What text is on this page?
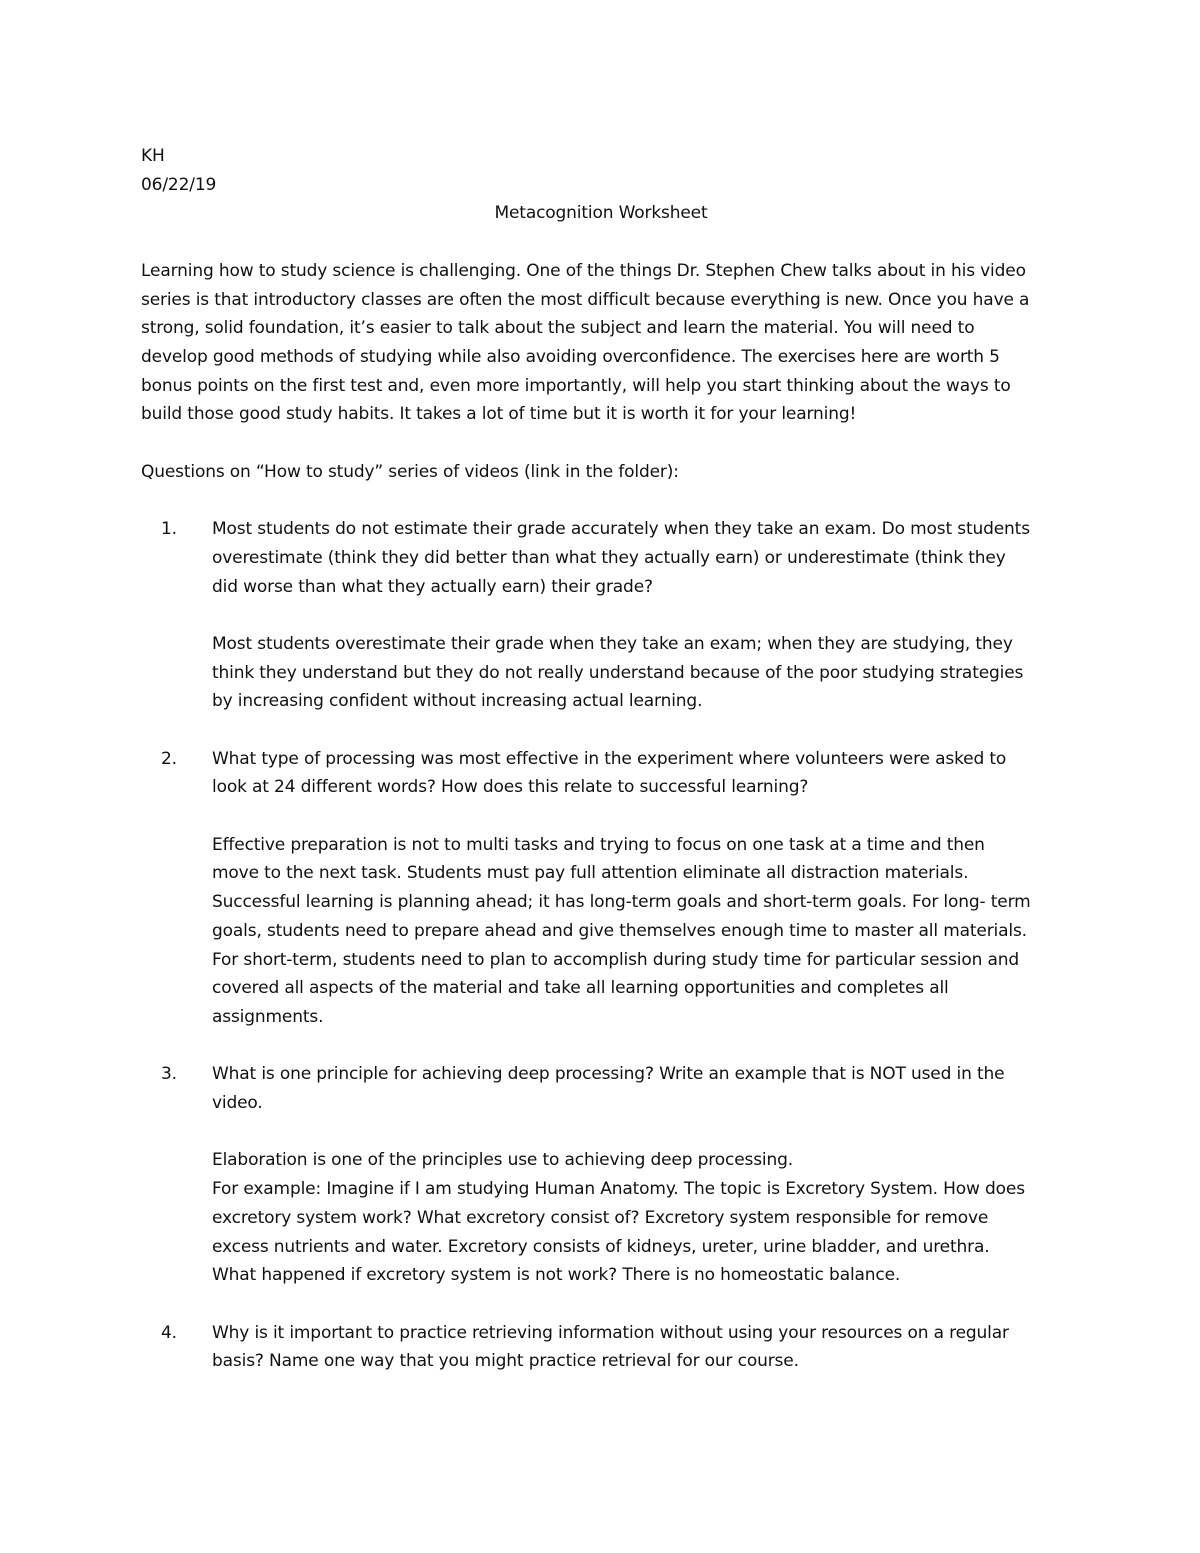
KH

06/22/19

Metacognition Worksheet

Learning how to study science is challenging. One of the things Dr. Stephen Chew talks about in his video

series is that introductory classes are often the most difficult because everything is new. Once you have a

strong, solid foundation, it’s easier to talk about the subject and learn the material. You will need to

develop good methods of studying while also avoiding overconfidence. The exercises here are worth 5

bonus points on the first test and, even more importantly, will help you start thinking about the ways to

build those good study habits. It takes a lot of time but it is worth it for your learning!

Questions on “How to study” series of videos (link in the folder):

1. Most students do not estimate their grade accurately when they take an exam. Do most students

overestimate (think they did better than what they actually earn) or underestimate (think they

did worse than what they actually earn) their grade?

Most students overestimate their grade when they take an exam; when they are studying, they

think they understand but they do not really understand because of the poor studying strategies

by increasing confident without increasing actual learning.

2. What type of processing was most effective in the experiment where volunteers were asked to

look at 24 different words? How does this relate to successful learning?

Effective preparation is not to multi tasks and trying to focus on one task at a time and then

move to the next task. Students must pay full attention eliminate all distraction materials.

Successful learning is planning ahead; it has long-term goals and short-term goals. For long- term

goals, students need to prepare ahead and give themselves enough time to master all materials.

For short-term, students need to plan to accomplish during study time for particular session and

covered all aspects of the material and take all learning opportunities and completes all

assignments.

3. What is one principle for achieving deep processing? Write an example that is NOT used in the

video.

Elaboration is one of the principles use to achieving deep processing.

For example: Imagine if I am studying Human Anatomy. The topic is Excretory System. How does

excretory system work? What excretory consist of? Excretory system responsible for remove

excess nutrients and water. Excretory consists of kidneys, ureter, urine bladder, and urethra.

What happened if excretory system is not work? There is no homeostatic balance.

4. Why is it important to practice retrieving information without using your resources on a regular

basis? Name one way that you might practice retrieval for our course.
